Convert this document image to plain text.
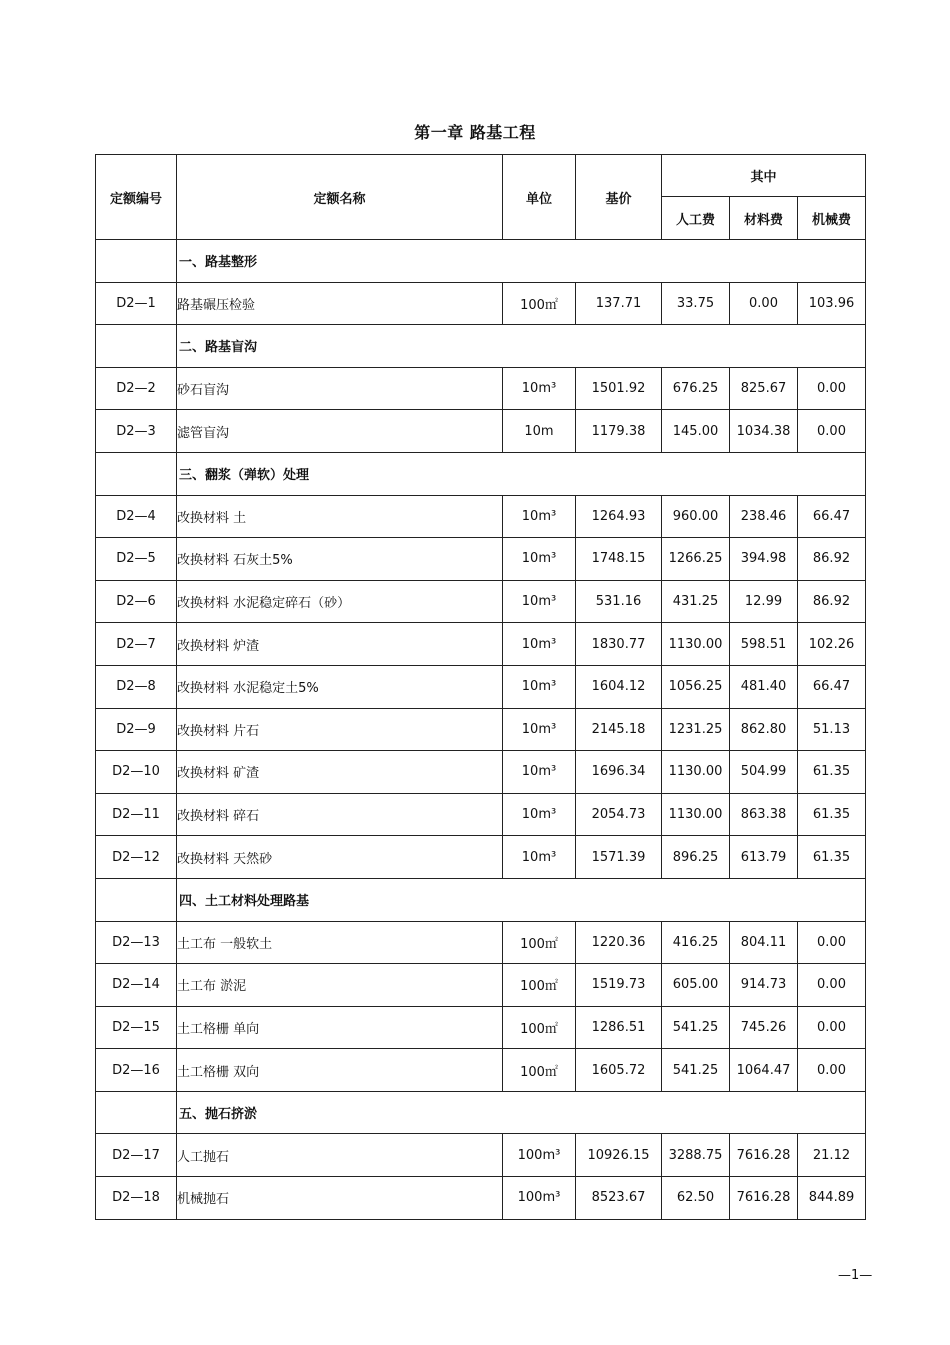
第一章 路基工程
定额编号	定额名称	单位	基价	其中		
				人工费	材料费	机械费
	一、路基整形					
D2—1	路基碾压检验	100㎡	137.71	33.75	0.00	103.96
	二、路基盲沟					
D2—2	砂石盲沟	10m³	1501.92	676.25	825.67	0.00
D2—3	滤管盲沟	10m	1179.38	145.00	1034.38	0.00
	三、翻浆（弹软）处理					
D2—4	改换材料 土	10m³	1264.93	960.00	238.46	66.47
D2—5	改换材料 石灰土5%	10m³	1748.15	1266.25	394.98	86.92
D2—6	改换材料 水泥稳定碎石（砂）	10m³	531.16	431.25	12.99	86.92
D2—7	改换材料 炉渣	10m³	1830.77	1130.00	598.51	102.26
D2—8	改换材料 水泥稳定土5%	10m³	1604.12	1056.25	481.40	66.47
D2—9	改换材料 片石	10m³	2145.18	1231.25	862.80	51.13
D2—10	改换材料 矿渣	10m³	1696.34	1130.00	504.99	61.35
D2—11	改换材料 碎石	10m³	2054.73	1130.00	863.38	61.35
D2—12	改换材料 天然砂	10m³	1571.39	896.25	613.79	61.35
	四、土工材料处理路基					
D2—13	土工布 一般软土	100㎡	1220.36	416.25	804.11	0.00
D2—14	土工布 淤泥	100㎡	1519.73	605.00	914.73	0.00
D2—15	土工格栅 单向	100㎡	1286.51	541.25	745.26	0.00
D2—16	土工格栅 双向	100㎡	1605.72	541.25	1064.47	0.00
	五、抛石挤淤					
D2—17	人工抛石	100m³	10926.15	3288.75	7616.28	21.12
D2—18	机械抛石	100m³	8523.67	62.50	7616.28	844.89
—1—
